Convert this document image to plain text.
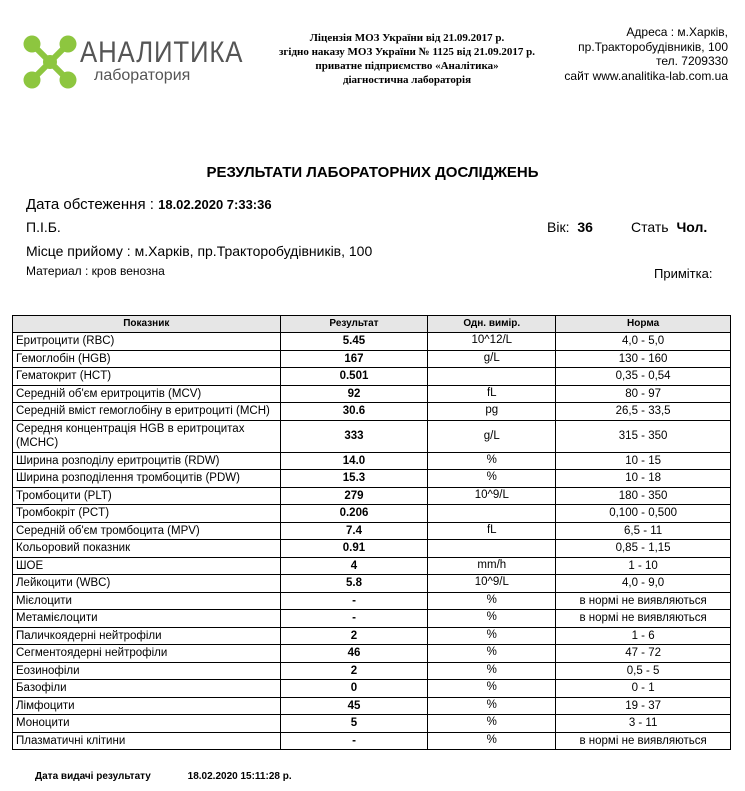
АНАЛИТИКА
лаборатория
Ліцензія МОЗ України від 21.09.2017 р.
згідно наказу МОЗ України № 1125 від 21.09.2017 р.
приватне підприємство «Аналітика»
діагностична лабораторія
Адреса : м.Харків,
пр.Тракторобудівників, 100
тел. 7209330
сайт www.analitika-lab.com.ua
РЕЗУЛЬТАТИ ЛАБОРАТОРНИХ ДОСЛІДЖЕНЬ
Дата обстеження : 18.02.2020 7:33:36
П.І.Б.	Вік: 36	Стать Чол.
Місце прийому : м.Харків, пр.Тракторобудівників, 100
Материал : кров венозна	Примітка:
Показник	Результат	Одн. вимір.	Норма
Еритроцити (RBC)	5.45	10^12/L	4,0 - 5,0
Гемоглобін (HGB)	167	g/L	130 - 160
Гематокрит (HCT)	0.501		0,35 - 0,54
Середній об'єм еритроцитів (MCV)	92	fL	80 - 97
Середній вміст гемоглобіну в еритроциті (MCH)	30.6	pg	26,5 - 33,5
Середня концентрація HGB в еритроцитах (MCHC)	333	g/L	315 - 350
Ширина розподілу еритроцитів (RDW)	14.0	%	10 - 15
Ширина розподілення тромбоцитів (PDW)	15.3	%	10 - 18
Тромбоцити (PLT)	279	10^9/L	180 - 350
Тромбокріт (PCT)	0.206		0,100 - 0,500
Середній об'єм тромбоцита (MPV)	7.4	fL	6,5 - 11
Кольоровий показник	0.91		0,85 - 1,15
ШОЕ	4	mm/h	1 - 10
Лейкоцити (WBC)	5.8	10^9/L	4,0 - 9,0
Мієлоцити	-	%	в нормі не виявляються
Метамієлоцити	-	%	в нормі не виявляються
Паличкоядерні нейтрофіли	2	%	1 - 6
Сегментоядерні нейтрофіли	46	%	47 - 72
Еозинофіли	2	%	0,5 - 5
Базофіли	0	%	0 - 1
Лімфоцити	45	%	19 - 37
Моноцити	5	%	3 - 11
Плазматичні клітини	-	%	в нормі не виявляються
Дата видачі результату	18.02.2020 15:11:28 р.
